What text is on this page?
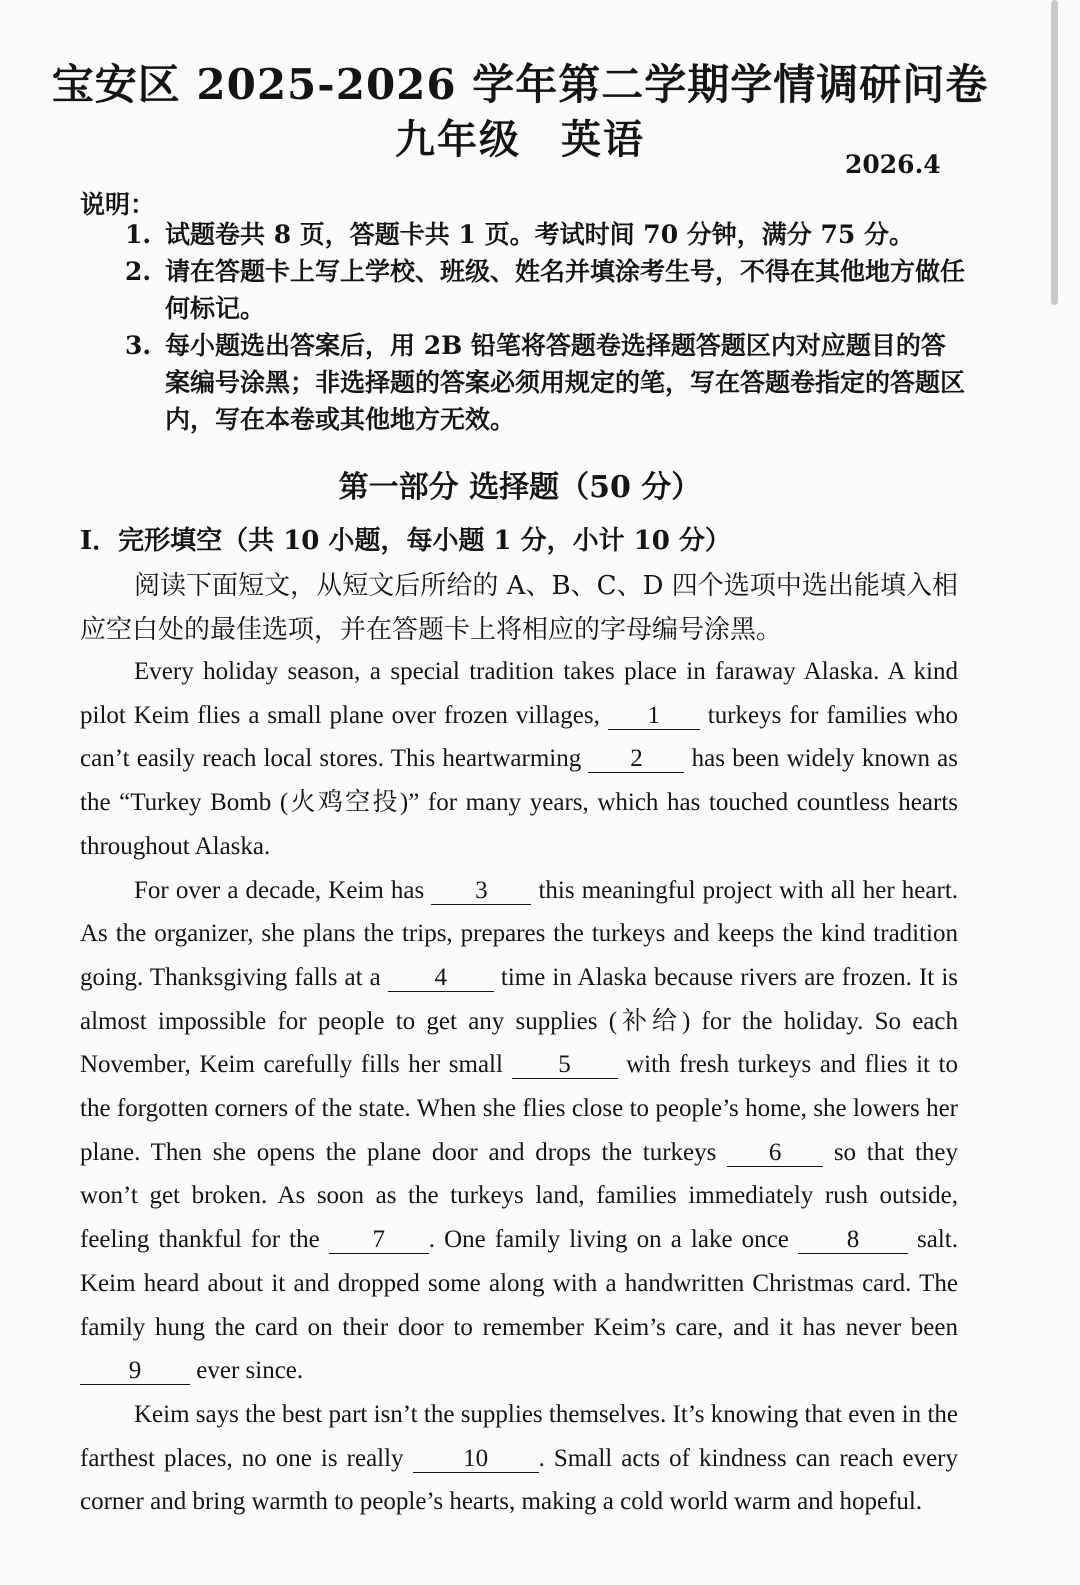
宝安区 2025-2026 学年第二学期学情调研问卷
九年级 英语
2026.4
说明：
1. 试题卷共 8 页，答题卡共 1 页。考试时间 70 分钟，满分 75 分。
2. 请在答题卡上写上学校、班级、姓名并填涂考生号，不得在其他地方做任何标记。
3. 每小题选出答案后，用 2B 铅笔将答题卷选择题答题区内对应题目的答案编号涂黑；非选择题的答案必须用规定的笔，写在答题卷指定的答题区内，写在本卷或其他地方无效。
第一部分 选择题（50 分）
I．完形填空（共 10 小题，每小题 1 分，小计 10 分）
阅读下面短文，从短文后所给的 A、B、C、D 四个选项中选出能填入相应空白处的最佳选项，并在答题卡上将相应的字母编号涂黑。

Every holiday season, a special tradition takes place in faraway Alaska. A kind pilot Keim flies a small plane over frozen villages, 1 turkeys for families who can’t easily reach local stores. This heartwarming 2 has been widely known as the “Turkey Bomb (火鸡空投)” for many years, which has touched countless hearts throughout Alaska.

For over a decade, Keim has 3 this meaningful project with all her heart. As the organizer, she plans the trips, prepares the turkeys and keeps the kind tradition going. Thanksgiving falls at a 4 time in Alaska because rivers are frozen. It is almost impossible for people to get any supplies (补给) for the holiday. So each November, Keim carefully fills her small 5 with fresh turkeys and flies it to the forgotten corners of the state. When she flies close to people’s home, she lowers her plane. Then she opens the plane door and drops the turkeys 6 so that they won’t get broken. As soon as the turkeys land, families immediately rush outside, feeling thankful for the 7 . One family living on a lake once 8 salt. Keim heard about it and dropped some along with a handwritten Christmas card. The family hung the card on their door to remember Keim’s care, and it has never been 9 ever since.

Keim says the best part isn’t the supplies themselves. It’s knowing that even in the farthest places, no one is really 10 . Small acts of kindness can reach every corner and bring warmth to people’s hearts, making a cold world warm and hopeful.
